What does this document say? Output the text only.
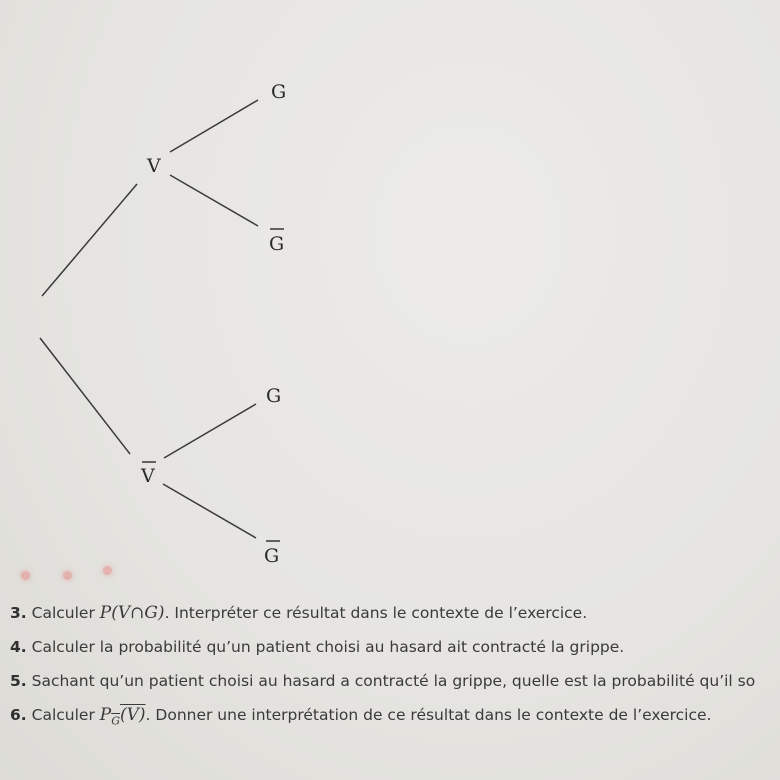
V
V
G
G
G
G
3. Calculer P(V∩G). Interpréter ce résultat dans le contexte de l’exercice.
4. Calculer la probabilité qu’un patient choisi au hasard ait contracté la grippe.
5. Sachant qu’un patient choisi au hasard a contracté la grippe, quelle est la probabilité qu’il so
6. Calculer $P_{\overline{G}}(V)$. Donner une interprétation de ce résultat dans le contexte de l’exercice.
